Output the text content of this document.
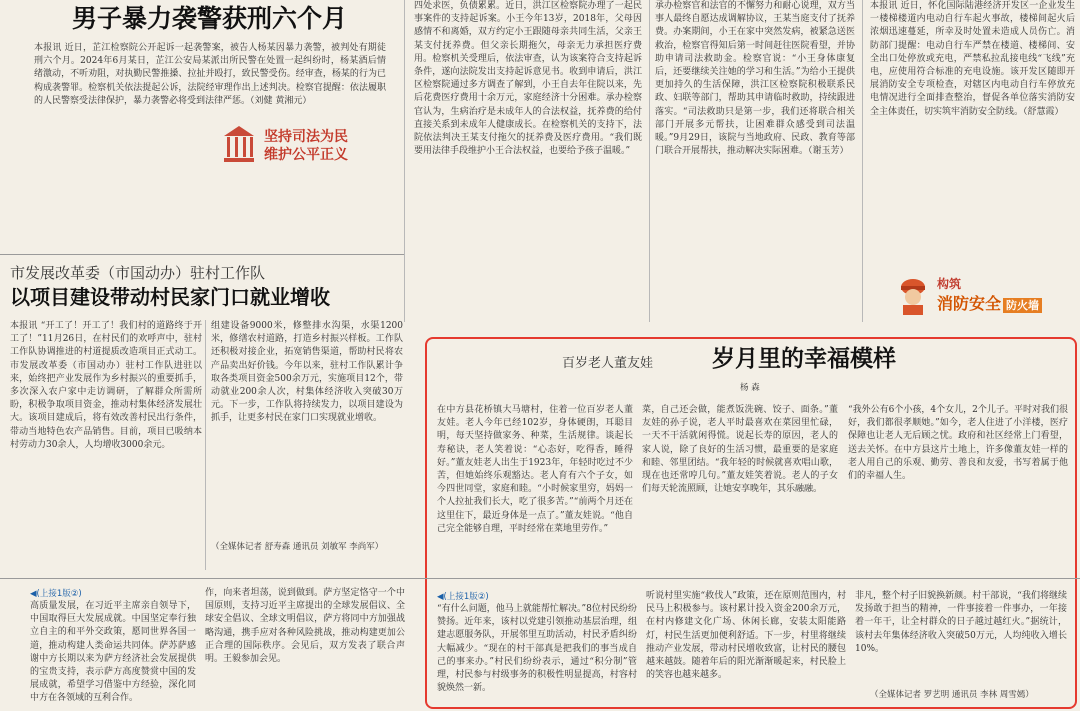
男子暴力袭警获刑六个月
本报讯 近日，芷江检察院公开起诉一起袭警案，被告人杨某因暴力袭警，被判处有期徒刑六个月。2024年6月某日，芷江公安局某派出所民警在处置一起纠纷时，杨某酒后情绪激动，不听劝阻，对执勤民警推搡、拉扯并殴打，致民警受伤。经审查，杨某的行为已构成袭警罪。检察机关依法提起公诉，法院经审理作出上述判决。检察官提醒：依法履职的人民警察受法律保护，暴力袭警必将受到法律严惩。（刘健 黄湘元）
坚持司法为民
维护公平正义
四处求医，负债累累。近日，洪江区检察院办理了一起民事案件的支持起诉案。小王今年13岁，2018年，父母因感情不和离婚，双方约定小王跟随母亲共同生活，父亲王某支付抚养费。但父亲长期拖欠，母亲无力承担医疗费用。检察机关受理后，依法审查，认为该案符合支持起诉条件，遂向法院发出支持起诉意见书。收到申请后，洪江区检察院通过多方调查了解到，小王自去年住院以来，先后花费医疗费用十余万元，家庭经济十分困难。承办检察官认为，生病治疗是未成年人的合法权益，抚养费的给付直接关系到未成年人健康成长。在检察机关的支持下，法院依法判决王某支付拖欠的抚养费及医疗费用。“我们既要用法律手段维护小王合法权益，也要给予孩子温暖。”
承办检察官和法官的不懈努力和耐心说理，双方当事人最终自愿达成调解协议，王某当庭支付了抚养费。办案期间，小王在家中突然发病，被紧急送医救治，检察官得知后第一时间赶往医院看望，并协助申请司法救助金。检察官说：“小王身体康复后，还要继续关注她的学习和生活。”为给小王提供更加持久的生活保障，洪江区检察院积极联系民政、妇联等部门，帮助其申请临时救助，持续跟进落实。“司法救助只是第一步，我们还将联合相关部门开展多元帮扶，让困难群众感受到司法温暖。”9月29日，该院与当地政府、民政、教育等部门联合开展帮扶，推动解决实际困难。（谢玉芳）
本报讯 近日，怀化国际陆港经济开发区一企业发生一楼梯楼道内电动自行车起火事故，楼梯间起火后浓烟迅速蔓延，所幸及时处置未造成人员伤亡。消防部门提醒：电动自行车严禁在楼道、楼梯间、安全出口处停放或充电，严禁私拉乱接电线“飞线”充电，应使用符合标准的充电设施。该开发区随即开展消防安全专项检查，对辖区内电动自行车停放充电情况进行全面排查整治，督促各单位落实消防安全主体责任，切实筑牢消防安全防线。（舒慧霞）
构筑
消防安全 防火墙
市发展改革委（市国动办）驻村工作队
以项目建设带动村民家门口就业增收
本报讯 “开工了！开工了！我们村的道路终于开工了！”11月26日，在村民们的欢呼声中，驻村工作队协调推进的村道提质改造项目正式动工。市发展改革委（市国动办）驻村工作队进驻以来，始终把产业发展作为乡村振兴的重要抓手，多次深入农户家中走访调研，了解群众所需所盼，积极争取项目资金，推动村集体经济发展壮大。该项目建成后，将有效改善村民出行条件，带动当地特色农产品销售。目前，项目已吸纳本村劳动力30余人，人均增收3000余元。
组建设备9000米，修整排水沟渠，水渠1200米，修缮农村道路，打造乡村振兴样板。工作队还积极对接企业，拓宽销售渠道，帮助村民将农产品卖出好价钱。今年以来，驻村工作队累计争取各类项目资金500余万元，实施项目12个，带动就业200余人次，村集体经济收入突破30万元。下一步，工作队将持续发力，以项目建设为抓手，让更多村民在家门口实现就业增收。
（全媒体记者 舒寿森 通讯员 刘敏军 李尚军）
百岁老人董友娃	岁月里的幸福模样
杨 森
在中方县花桥镇大马塘村，住着一位百岁老人董友娃。老人今年已经102岁，身体硬朗，耳聪目明，每天坚持做家务、种菜，生活规律。谈起长寿秘诀，老人笑着说：“心态好，吃得香，睡得好。”董友娃老人出生于1923年，年轻时吃过不少苦，但她始终乐观豁达。老人育有六个子女，如今四世同堂，家庭和睦。“小时候家里穷，妈妈一个人拉扯我们长大，吃了很多苦。”“前两个月还在这里住下，最近身体是一点了。”董友娃说。“他自己完全能够自理，平时经常在菜地里劳作。”
菜，自己还会做，能煮饭洗碗、饺子、面条。”董友娃的孙子说，老人平时最喜欢在菜园里忙碌，一天不干活就闲得慌。说起长寿的原因，老人的家人说，除了良好的生活习惯，最重要的是家庭和睦、邻里团结。“我年轻的时候就喜欢唱山歌，现在也还常哼几句。”董友娃笑着说。老人的子女们每天轮流照顾，让她安享晚年，其乐融融。
“我外公有6个小孩，4个女儿，2个儿子。平时对我们很好，我们都很孝顺她。”如今，老人住进了小洋楼，医疗保障也让老人无后顾之忧。政府和社区经常上门看望，送去关怀。在中方县这片土地上，许多像董友娃一样的老人用自己的乐观、勤劳、善良和友爱，书写着属于他们的幸福人生。
◀(上接1版②)
高质量发展，在习近平主席亲自领导下，中国取得巨大发展成就。中国坚定奉行独立自主的和平外交政策，愿同世界各国一道，推动构建人类命运共同体。萨苏萨感谢中方长期以来为萨方经济社会发展提供的宝贵支持，表示萨方高度赞赏中国的发展成就，希望学习借鉴中方经验，深化同中方在各领域的互利合作。
作，向来者坦荡，说到做到。萨方坚定恪守一个中国原则，支持习近平主席提出的全球发展倡议、全球安全倡议、全球文明倡议，萨方将同中方加强战略沟通，携手应对各种风险挑战，推动构建更加公正合理的国际秩序。会见后，双方发表了联合声明。王毅参加会见。
◀(上接1版②)
“有什么问题，他马上就能帮忙解决。”8位村民纷纷赞扬。近年来，该村以党建引领推动基层治理，组建志愿服务队，开展邻里互助活动，村民矛盾纠纷大幅减少。“现在的村干部真是把我们的事当成自己的事来办。”村民们纷纷表示，通过“积分制”管理，村民参与村级事务的积极性明显提高，村容村貌焕然一新。
听说村里实施“救伐人”政策，还在原则范围内，村民马上积极参与。该村累计投入资金200余万元，在村内修建文化广场、休闲长廊，安装太阳能路灯，村民生活更加便利舒适。下一步，村里将继续推动产业发展，带动村民增收致富，让村民的腰包越来越鼓。随着年后的阳光渐渐暖起来，村民脸上的笑容也越来越多。
非凡，整个村子旧貌换新颜。村干部说，“我们将继续发扬敢于担当的精神，一件事接着一件事办，一年接着一年干，让全村群众的日子越过越红火。”据统计，该村去年集体经济收入突破50万元，人均纯收入增长10%。
（全媒体记者 罗艺明 通讯员 李林 周雪嫣）
